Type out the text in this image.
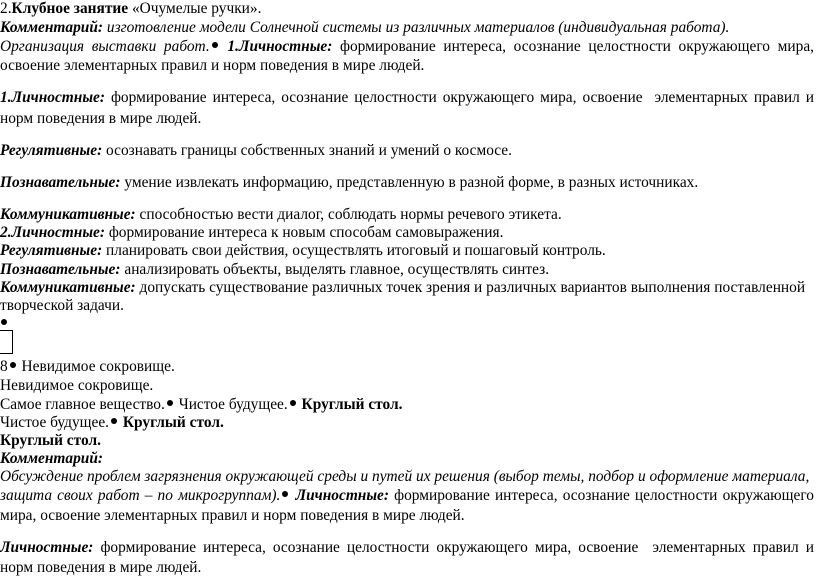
2.Клубное занятие «Очумелые ручки».
Комментарий: изготовление модели Солнечной системы из различных материалов (индивидуальная работа).
Организация выставки работ. 1.Личностные: формирование интереса, осознание целостности окружающего мира,
освоение элементарных правил и норм поведения в мире людей.
1.Личностные: формирование интереса, осознание целостности окружающего мира, освоение  элементарных правил и
норм поведения в мире людей.
Регулятивные: осознавать границы собственных знаний и умений о космосе.
Познавательные: умение извлекать информацию, представленную в разной форме, в разных источниках.
Коммуникативные: способностью вести диалог, соблюдать нормы речевого этикета.
2.Личностные: формирование интереса к новым способам самовыражения.
Регулятивные: планировать свои действия, осуществлять итоговый и пошаговый контроль.
Познавательные: анализировать объекты, выделять главное, осуществлять синтез.
Коммуникативные: допускать существование различных точек зрения и различных вариантов выполнения поставленной
творческой задачи.
8 Невидимое сокровище.
Невидимое сокровище.
Самое главное вещество. Чистое будущее. Круглый стол.
Чистое будущее. Круглый стол.
Круглый стол.
Комментарий:
Обсуждение проблем загрязнения окружающей среды и путей их решения (выбор темы, подбор и оформление материала,
защита своих работ – по микрогруппам). Личностные: формирование интереса, осознание целостности окружающего
мира, освоение элементарных правил и норм поведения в мире людей.
Личностные: формирование интереса, осознание целостности окружающего мира, освоение  элементарных правил и
норм поведения в мире людей.
